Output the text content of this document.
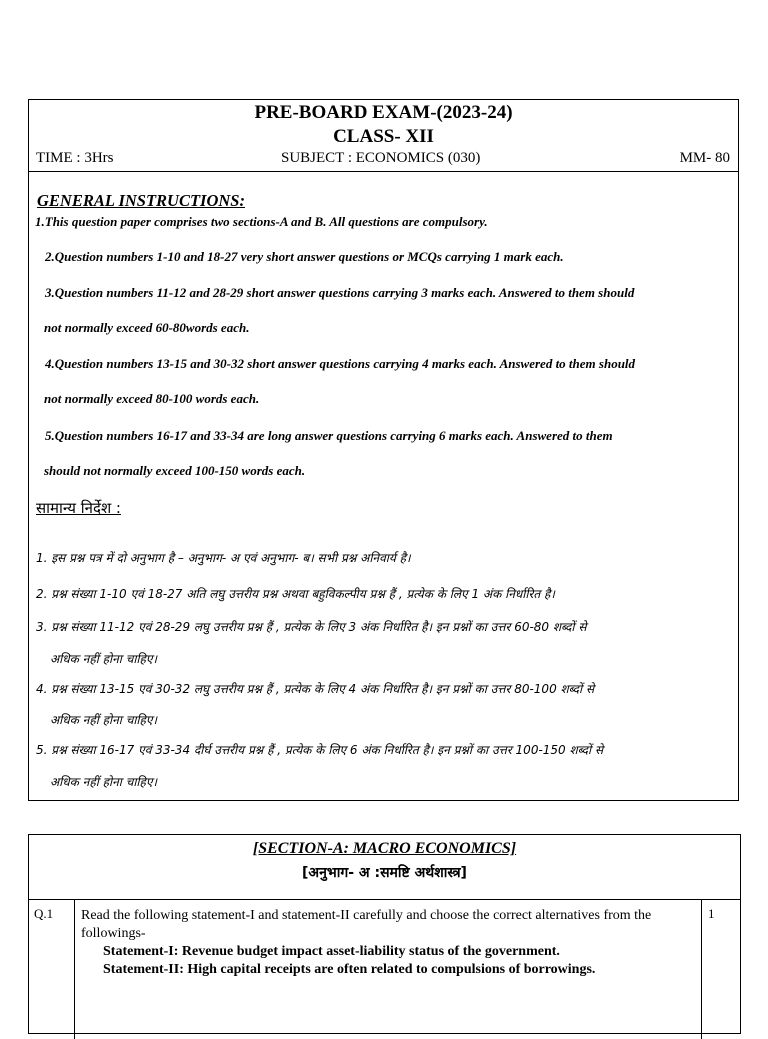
PRE-BOARD EXAM-(2023-24)
CLASS- XII
TIME : 3Hrs	SUBJECT : ECONOMICS (030)	MM- 80
GENERAL INSTRUCTIONS:
1.This question paper comprises two sections-A and B. All questions are compulsory.
2.Question numbers 1-10 and 18-27 very short answer questions or MCQs carrying 1 mark each.
3.Question numbers 11-12 and 28-29 short answer questions carrying 3 marks each. Answered to them should
not normally exceed 60-80words each.
4.Question numbers 13-15 and 30-32 short answer questions carrying 4 marks each. Answered to them should
not normally exceed 80-100 words each.
5.Question numbers 16-17 and 33-34 are long answer questions carrying 6 marks each. Answered to them
should not normally exceed 100-150 words each.
सामान्य निर्देश :
1. इस प्रश्न पत्र में दो अनुभाग है – अनुभाग- अ एवं अनुभाग- ब। सभी प्रश्न अनिवार्य है।
2. प्रश्न संख्या 1-10 एवं 18-27 अति लघु उत्तरीय प्रश्न अथवा बहुविकल्पीय प्रश्न हैं , प्रत्येक के लिए 1 अंक निर्धारित है।
3. प्रश्न संख्या 11-12 एवं 28-29 लघु उत्तरीय प्रश्न हैं , प्रत्येक के लिए 3 अंक निर्धारित है। इन प्रश्नों का उत्तर 60-80 शब्दों से
अधिक नहीं होना चाहिए।
4. प्रश्न संख्या 13-15 एवं 30-32 लघु उत्तरीय प्रश्न हैं , प्रत्येक के लिए 4 अंक निर्धारित है। इन प्रश्नों का उत्तर 80-100 शब्दों से
अधिक नहीं होना चाहिए।
5. प्रश्न संख्या 16-17 एवं 33-34 दीर्घ उत्तरीय प्रश्न हैं , प्रत्येक के लिए 6 अंक निर्धारित है। इन प्रश्नों का उत्तर 100-150 शब्दों से
अधिक नहीं होना चाहिए।
[SECTION-A: MACRO ECONOMICS]
[अनुभाग- अ :समष्टि अर्थशास्त्र]
Q.1 Read the following statement-I and statement-II carefully and choose the correct alternatives from the followings-
Statement-I: Revenue budget impact asset-liability status of the government.
Statement-II: High capital receipts are often related to compulsions of borrowings.
1
